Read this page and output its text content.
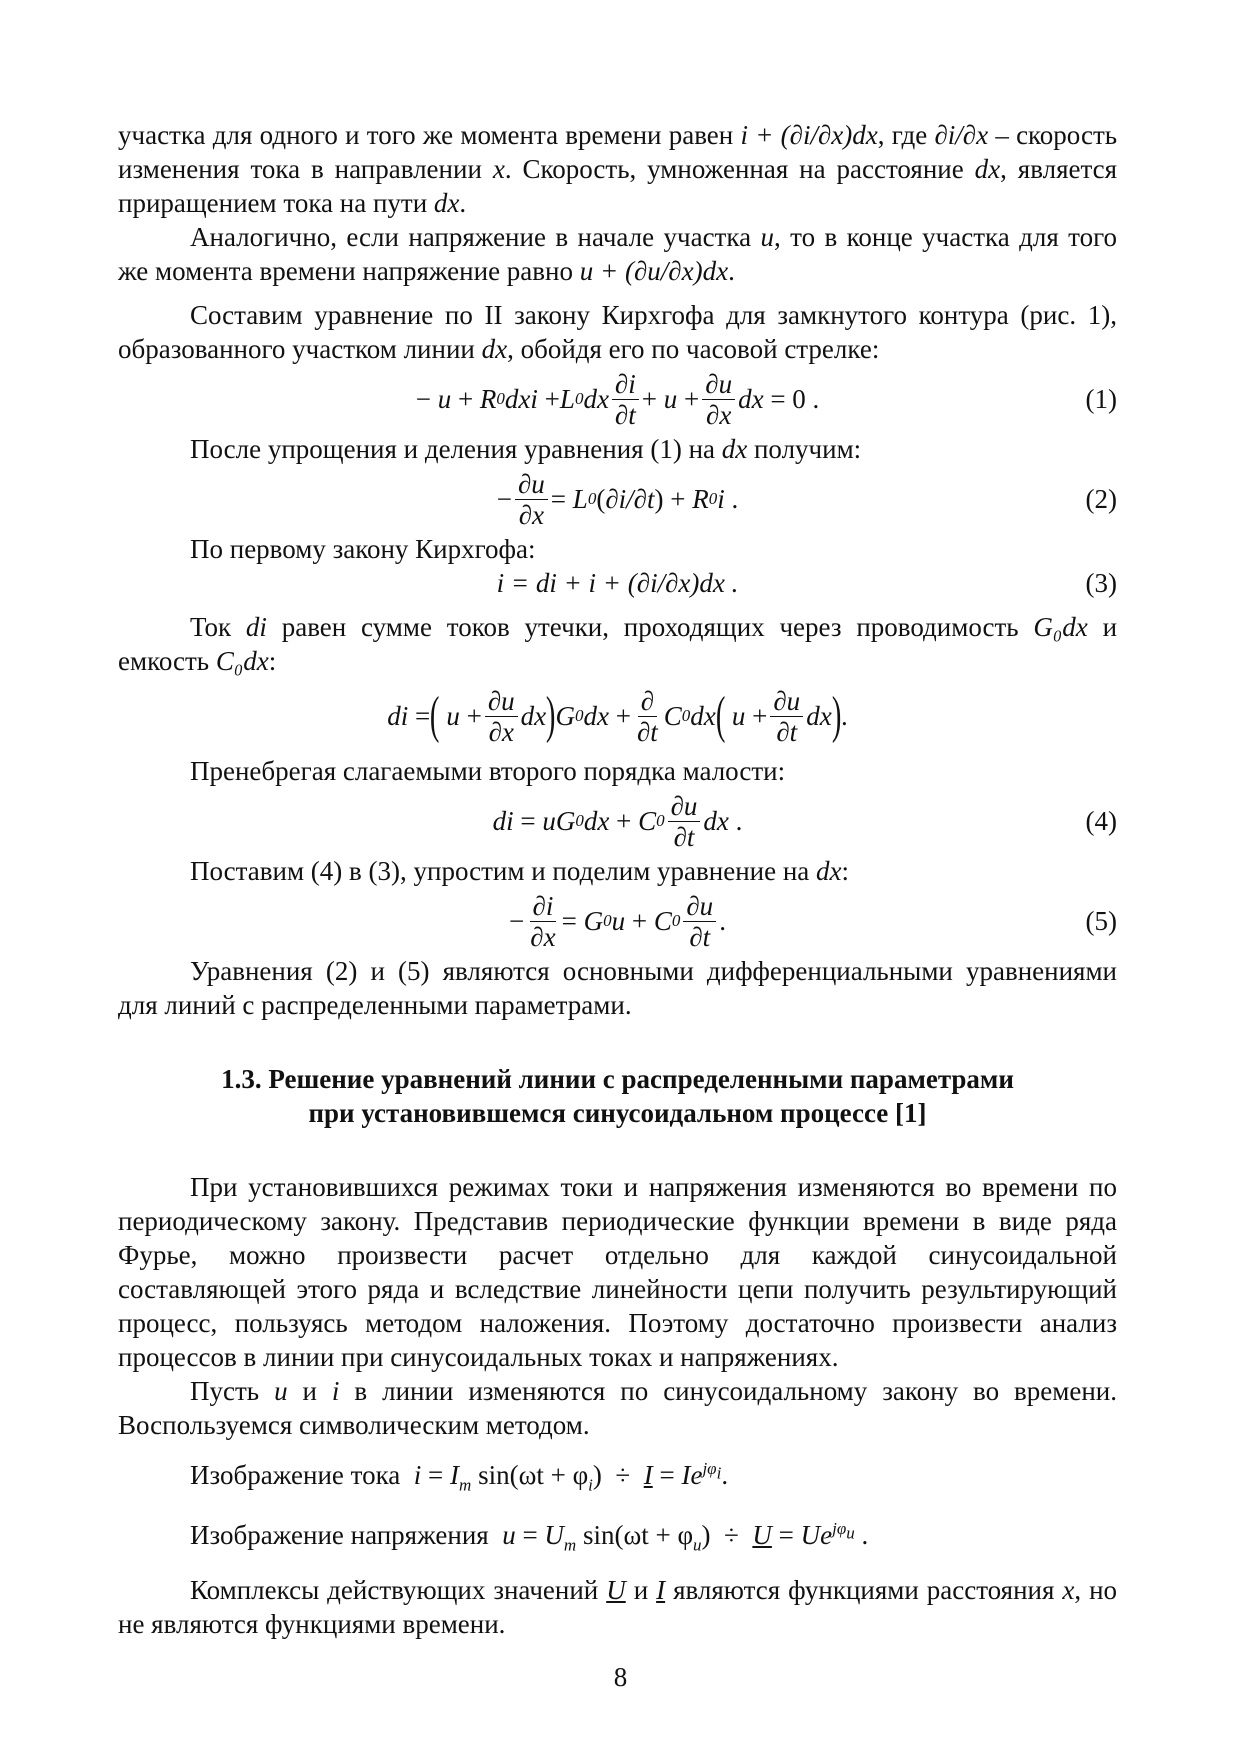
участка для одного и того же момента времени равен i + (∂i/∂x)dx, где ∂i/∂x – скорость изменения тока в направлении x. Скорость, умноженная на расстояние dx, является приращением тока на пути dx.

Аналогично, если напряжение в начале участка u, то в конце участка для того же момента времени напряжение равно u + (∂u/∂x)dx.

Составим уравнение по II закону Кирхгофа для замкнутого контура (рис. 1), образованного участком линии dx, обойдя его по часовой стрелке:

− u + R 0 dxi + L 0 dx $\frac{\partial i}{\partial t} + u + \frac{\partial u}{\partial x}$ dx =
0 .	(1)

После упрощения и деления уравнения (1) на dx получим:

− $\frac{\partial u}{\partial x} = L$ 0 ( ∂i/∂t )
+ R 0 i .	(2)

По первому закону Кирхгофа:

i = di + i + (∂i/∂x)dx .	(3)

Ток di равен сумме токов утечки, проходящих через проводимость G₀dx и емкость C₀dx:

di = ( $u + \frac{\partial u}{\partial x}$ dx ) G 0 dx + $\frac{\partial}{\partial t}$ C 0 dx ( $u + \frac{\partial u}{\partial t}$ dx ) .

Пренебрегая слагаемыми второго порядка малости:

di = uG 0 dx + C $0 \frac{\partial u}{\partial t}$ dx .	(4)

Поставим (4) в (3), упростим и поделим уравнение на dx:

− $\frac{\partial i}{\partial x} = G$ 0 u + C $0 \frac{\partial u}{\partial t}$ .	(5)

Уравнения (2) и (5) являются основными дифференциальными уравнениями для линий с распределенными параметрами.

1.3. Решение уравнений линии с распределенными параметрами
при установившемся синусоидальном процессе [1]

При установившихся режимах токи и напряжения изменяются во времени по периодическому закону. Представив периодические функции времени в виде ряда Фурье, можно произвести расчет отдельно для каждой синусоидальной составляющей этого ряда и вследствие линейности цепи получить результирующий процесс, пользуясь методом наложения. Поэтому достаточно произвести анализ процессов в линии при синусоидальных токах и напряжениях.

Пусть u и i в линии изменяются по синусоидальному закону во времени. Воспользуемся символическим методом.

Изображение тока  $i = I_m$ $\sin(\omega t + \varphi_i) \div I = Ie^{j\varphi_i}$.

Изображение напряжения  $u = U_m$ $\sin(\omega t + \varphi_u) \div U = Ue^{j\varphi_u}$ .

Комплексы действующих значений U и I являются функциями расстояния x, но не являются функциями времени.

8
